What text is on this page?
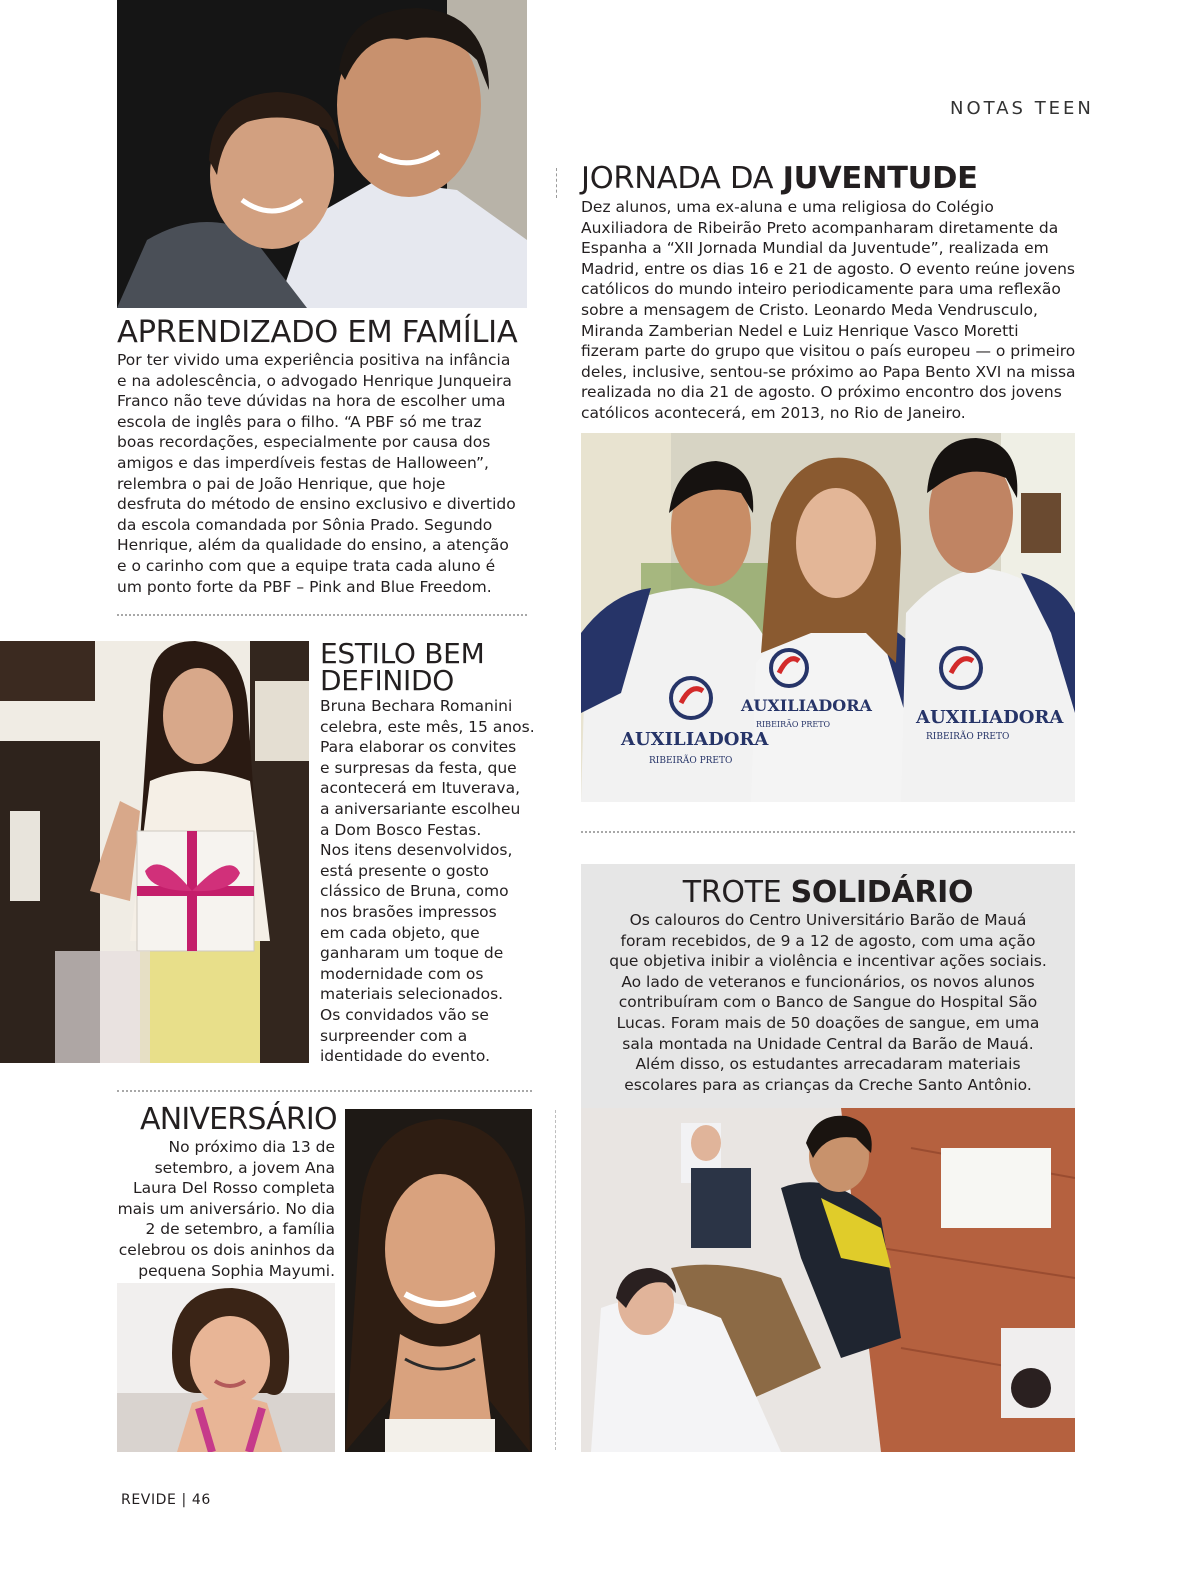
NOTAS TEEN
JORNADA DA JUVENTUDE
Dez alunos, uma ex-aluna e uma religiosa do Colégio
Auxiliadora de Ribeirão Preto acompanharam diretamente da
Espanha a “XII Jornada Mundial da Juventude”, realizada em
Madrid, entre os dias 16 e 21 de agosto. O evento reúne jovens
católicos do mundo inteiro periodicamente para uma reflexão
sobre a mensagem de Cristo. Leonardo Meda Vendrusculo,
Miranda Zamberian Nedel e Luiz Henrique Vasco Moretti
fizeram parte do grupo que visitou o país europeu — o primeiro
deles, inclusive, sentou-se próximo ao Papa Bento XVI na missa
realizada no dia 21 de agosto. O próximo encontro dos jovens
católicos acontecerá, em 2013, no Rio de Janeiro.
AUXILIADORA
AUXILIADORA
AUXILIADORA
RIBEIRÃO PRETO
RIBEIRÃO PRETO
RIBEIRÃO PRETO
APRENDIZADO EM FAMÍLIA
Por ter vivido uma experiência positiva na infância
e na adolescência, o advogado Henrique Junqueira
Franco não teve dúvidas na hora de escolher uma
escola de inglês para o filho. “A PBF só me traz
boas recordações, especialmente por causa dos
amigos e das imperdíveis festas de Halloween”,
relembra o pai de João Henrique, que hoje
desfruta do método de ensino exclusivo e divertido
da escola comandada por Sônia Prado. Segundo
Henrique, além da qualidade do ensino, a atenção
e o carinho com que a equipe trata cada aluno é
um ponto forte da PBF – Pink and Blue Freedom.
ESTILO BEM DEFINIDO
Bruna Bechara Romanini
celebra, este mês, 15 anos.
Para elaborar os convites
e surpresas da festa, que
acontecerá em Ituverava,
a aniversariante escolheu
a Dom Bosco Festas.
Nos itens desenvolvidos,
está presente o gosto
clássico de Bruna, como
nos brasões impressos
em cada objeto, que
ganharam um toque de
modernidade com os
materiais selecionados.
Os convidados vão se
surpreender com a
identidade do evento.
ANIVERSÁRIO
No próximo dia 13 de
setembro, a jovem Ana
Laura Del Rosso completa
mais um aniversário. No dia
2 de setembro, a família
celebrou os dois aninhos da
pequena Sophia Mayumi.
TROTE SOLIDÁRIO
Os calouros do Centro Universitário Barão de Mauá
foram recebidos, de 9 a 12 de agosto, com uma ação
que objetiva inibir a violência e incentivar ações sociais.
Ao lado de veteranos e funcionários, os novos alunos
contribuíram com o Banco de Sangue do Hospital São
Lucas. Foram mais de 50 doações de sangue, em uma
sala montada na Unidade Central da Barão de Mauá.
Além disso, os estudantes arrecadaram materiais
escolares para as crianças da Creche Santo Antônio.
REVIDE | 46
